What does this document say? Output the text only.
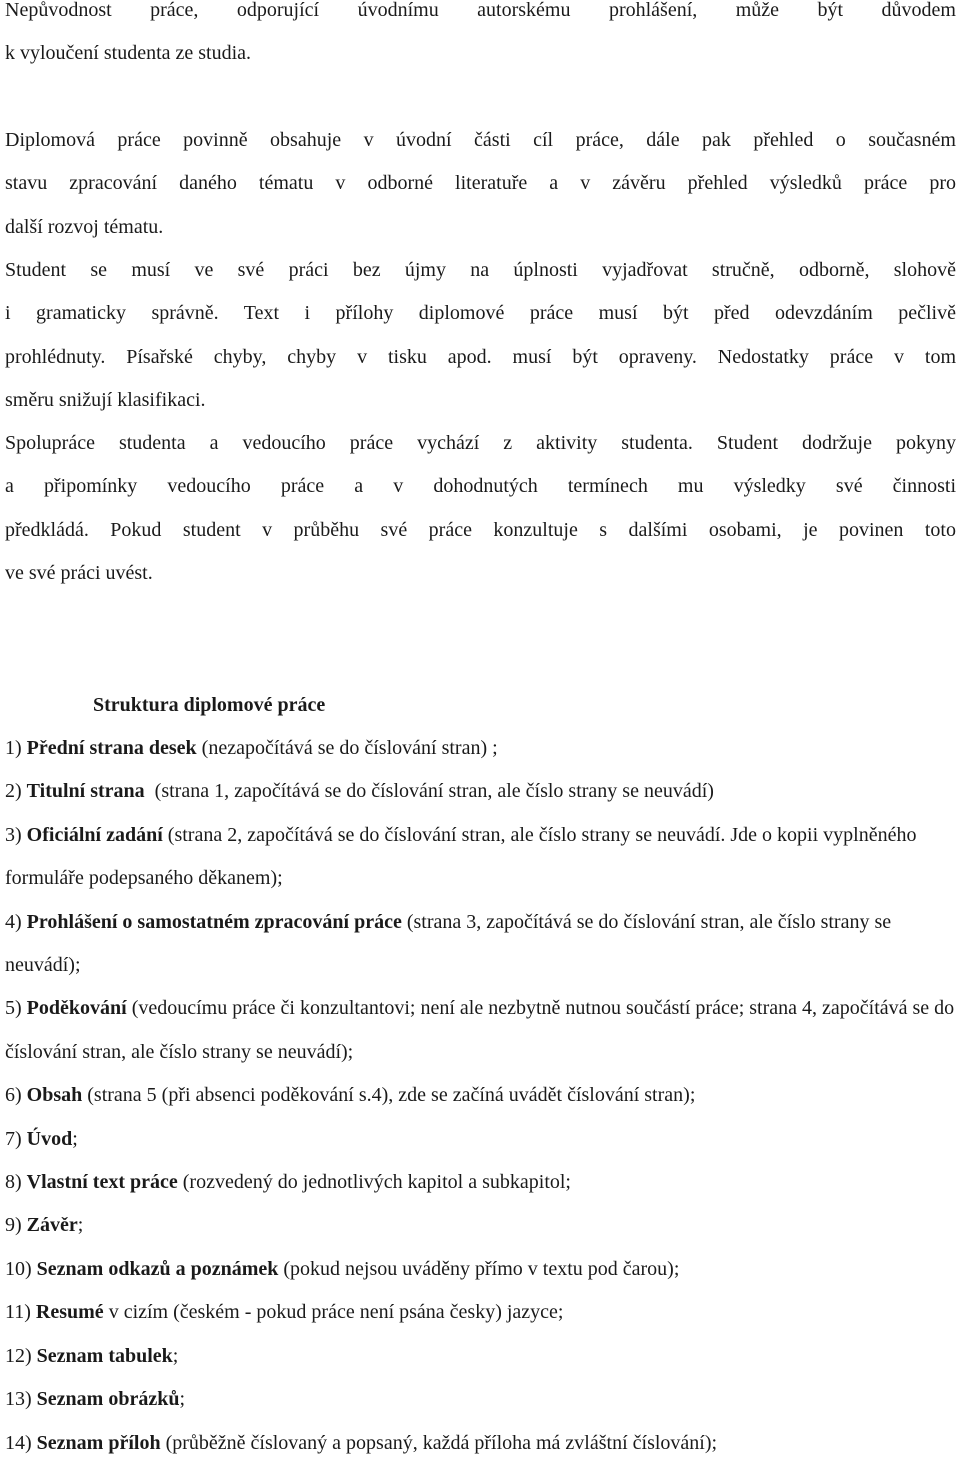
Nepůvodnost práce, odporující úvodnímu autorskému prohlášení, může být důvodem
k vyloučení studenta ze studia.

Diplomová práce povinně obsahuje v úvodní části cíl práce, dále pak přehled o současném
stavu zpracování daného tématu v odborné literatuře a v závěru přehled výsledků práce pro
další rozvoj tématu.

Student se musí ve své práci bez újmy na úplnosti vyjadřovat stručně, odborně, slohově
i gramaticky správně. Text i přílohy diplomové práce musí být před odevzdáním pečlivě
prohlédnuty. Písařské chyby, chyby v tisku apod. musí být opraveny. Nedostatky práce v tom
směru snižují klasifikaci.

Spolupráce studenta a vedoucího práce vychází z aktivity studenta. Student dodržuje pokyny
a připomínky vedoucího práce a v dohodnutých termínech mu výsledky své činnosti
předkládá. Pokud student v průběhu své práce konzultuje s dalšími osobami, je povinen toto
ve své práci uvést.

Struktura diplomové práce
1) Přední strana desek (nezapočítává se do číslování stran) ;
2) Titulní strana  (strana 1, započítává se do číslování stran, ale číslo strany se neuvádí)
3) Oficiální zadání (strana 2, započítává se do číslování stran, ale číslo strany se neuvádí. Jde o kopii vyplněného formuláře podepsaného děkanem);
4) Prohlášení o samostatném zpracování práce (strana 3, započítává se do číslování stran, ale číslo strany se neuvádí);
5) Poděkování (vedoucímu práce či konzultantovi; není ale nezbytně nutnou součástí práce; strana 4, započítává se do číslování stran, ale číslo strany se neuvádí);
6) Obsah (strana 5 (při absenci poděkování s.4), zde se začíná uvádět číslování stran);
7) Úvod;
8) Vlastní text práce (rozvedený do jednotlivých kapitol a subkapitol;
9) Závěr;
10) Seznam odkazů a poznámek (pokud nejsou uváděny přímo v textu pod čarou);
11) Resumé v cizím (českém - pokud práce není psána česky) jazyce;
12) Seznam tabulek;
13) Seznam obrázků;
14) Seznam příloh (průběžně číslovaný a popsaný, každá příloha má zvláštní číslování);
